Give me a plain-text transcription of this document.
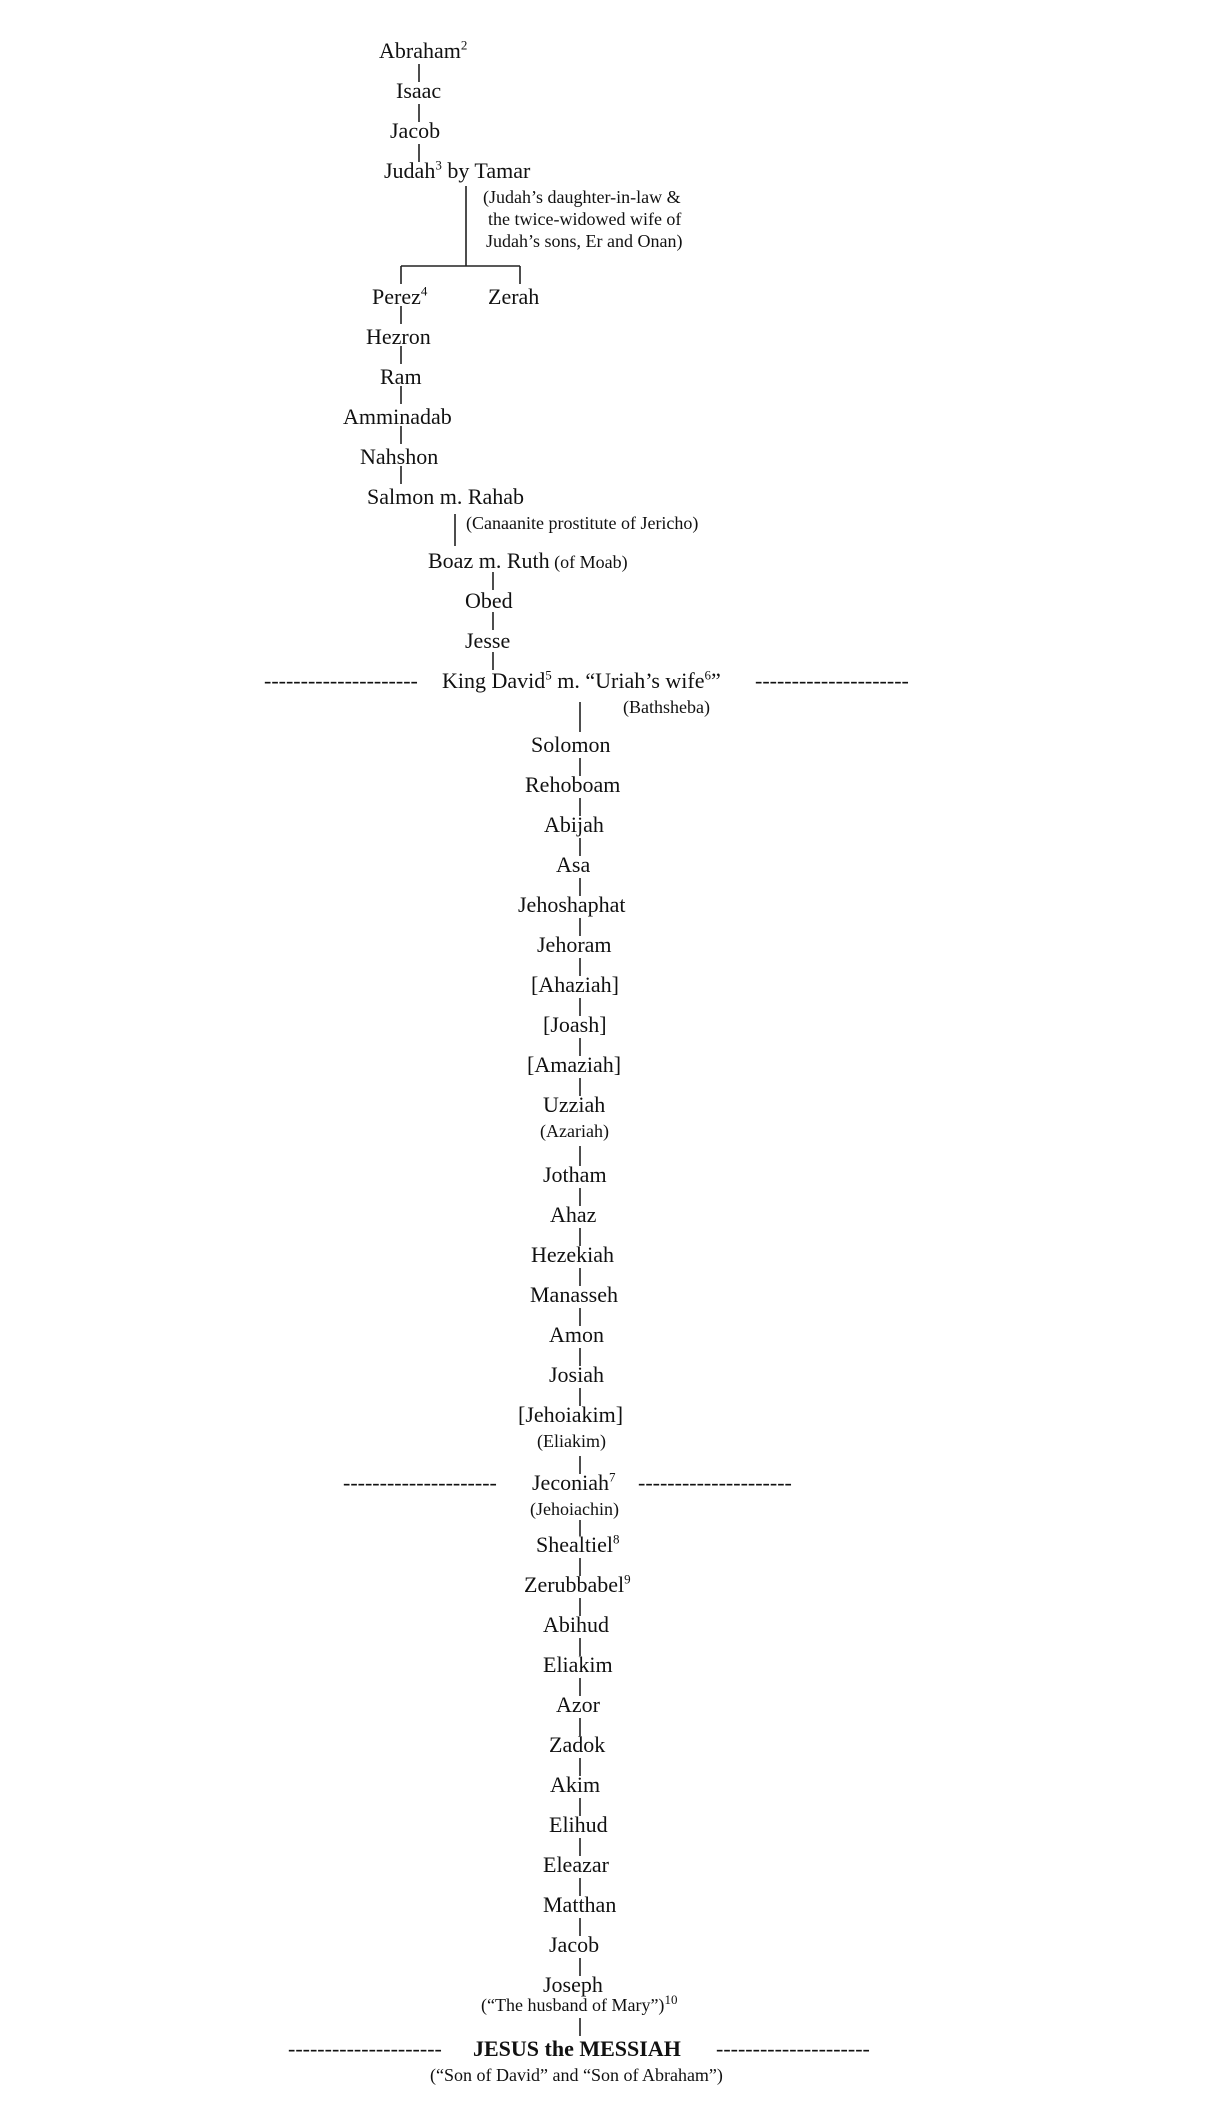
Abraham$^2$
Isaac
Jacob
Judah$^3$ by Tamar
(Judah’s daughter-in-law &
the twice-widowed wife of
Judah’s sons, Er and Onan)
Perez$^4$	Zerah
Hezron
Ram
Amminadab
Nahshon
Salmon m. Rahab
(Canaanite prostitute of Jericho)
Boaz m. Ruth (of Moab)
Obed
Jesse
--------------------- King David$^5$ m. “Uriah’s wife$^6$” ---------------------
(Bathsheba)
Solomon
Rehoboam
Abijah
Asa
Jehoshaphat
Jehoram
[Ahaziah]
[Joash]
[Amaziah]
Uzziah
(Azariah)
Jotham
Ahaz
Hezekiah
Manasseh
Amon
Josiah
[Jehoiakim]
(Eliakim)
--------------------- Jeconiah$^7$ ---------------------
(Jehoiachin)
Shealtiel$^8$
Zerubbabel$^9$
Abihud
Eliakim
Azor
Zadok
Akim
Elihud
Eleazar
Matthan
Jacob
Joseph
(“The husband of Mary”)$^{10}$
--------------------- JESUS the MESSIAH ---------------------
(“Son of David” and “Son of Abraham”)
